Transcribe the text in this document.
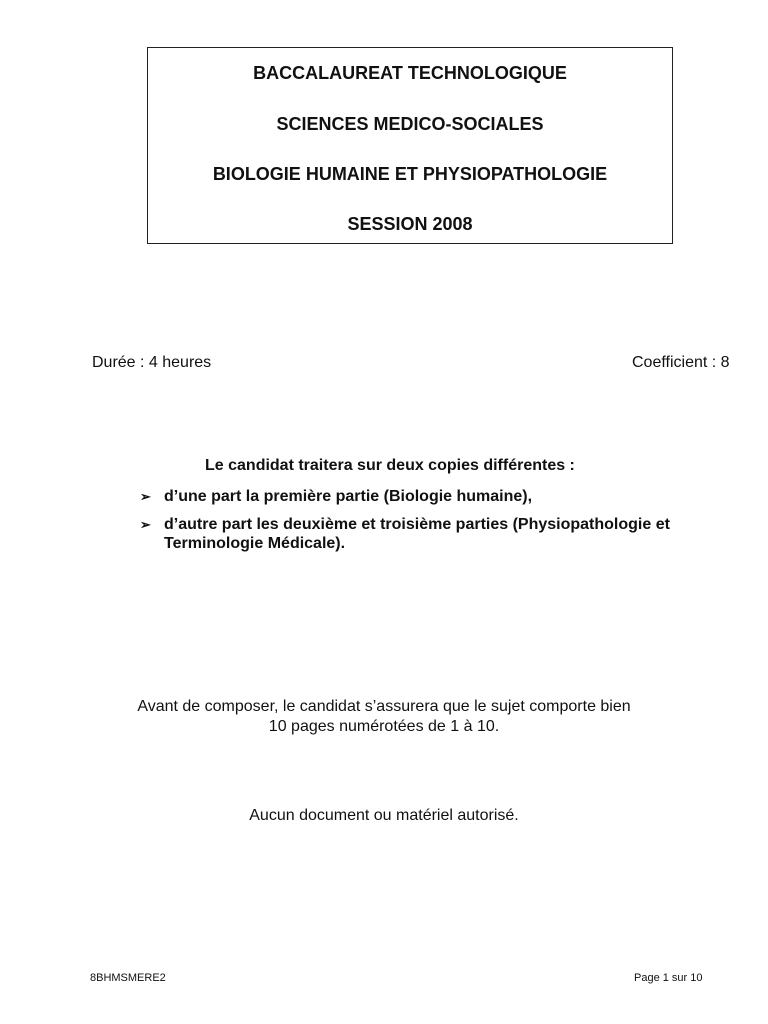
BACCALAUREAT TECHNOLOGIQUE
SCIENCES MEDICO-SOCIALES
BIOLOGIE HUMAINE ET PHYSIOPATHOLOGIE
SESSION 2008
Durée : 4 heures	Coefficient : 8
Le candidat traitera sur deux copies différentes :
➢ d’une part la première partie (Biologie humaine),
➢ d’autre part les deuxième et troisième parties (Physiopathologie et Terminologie Médicale).
Avant de composer, le candidat s’assurera que le sujet comporte bien
10 pages numérotées de 1 à 10.
Aucun document ou matériel autorisé.
8BHMSMERE2	Page 1 sur 10
